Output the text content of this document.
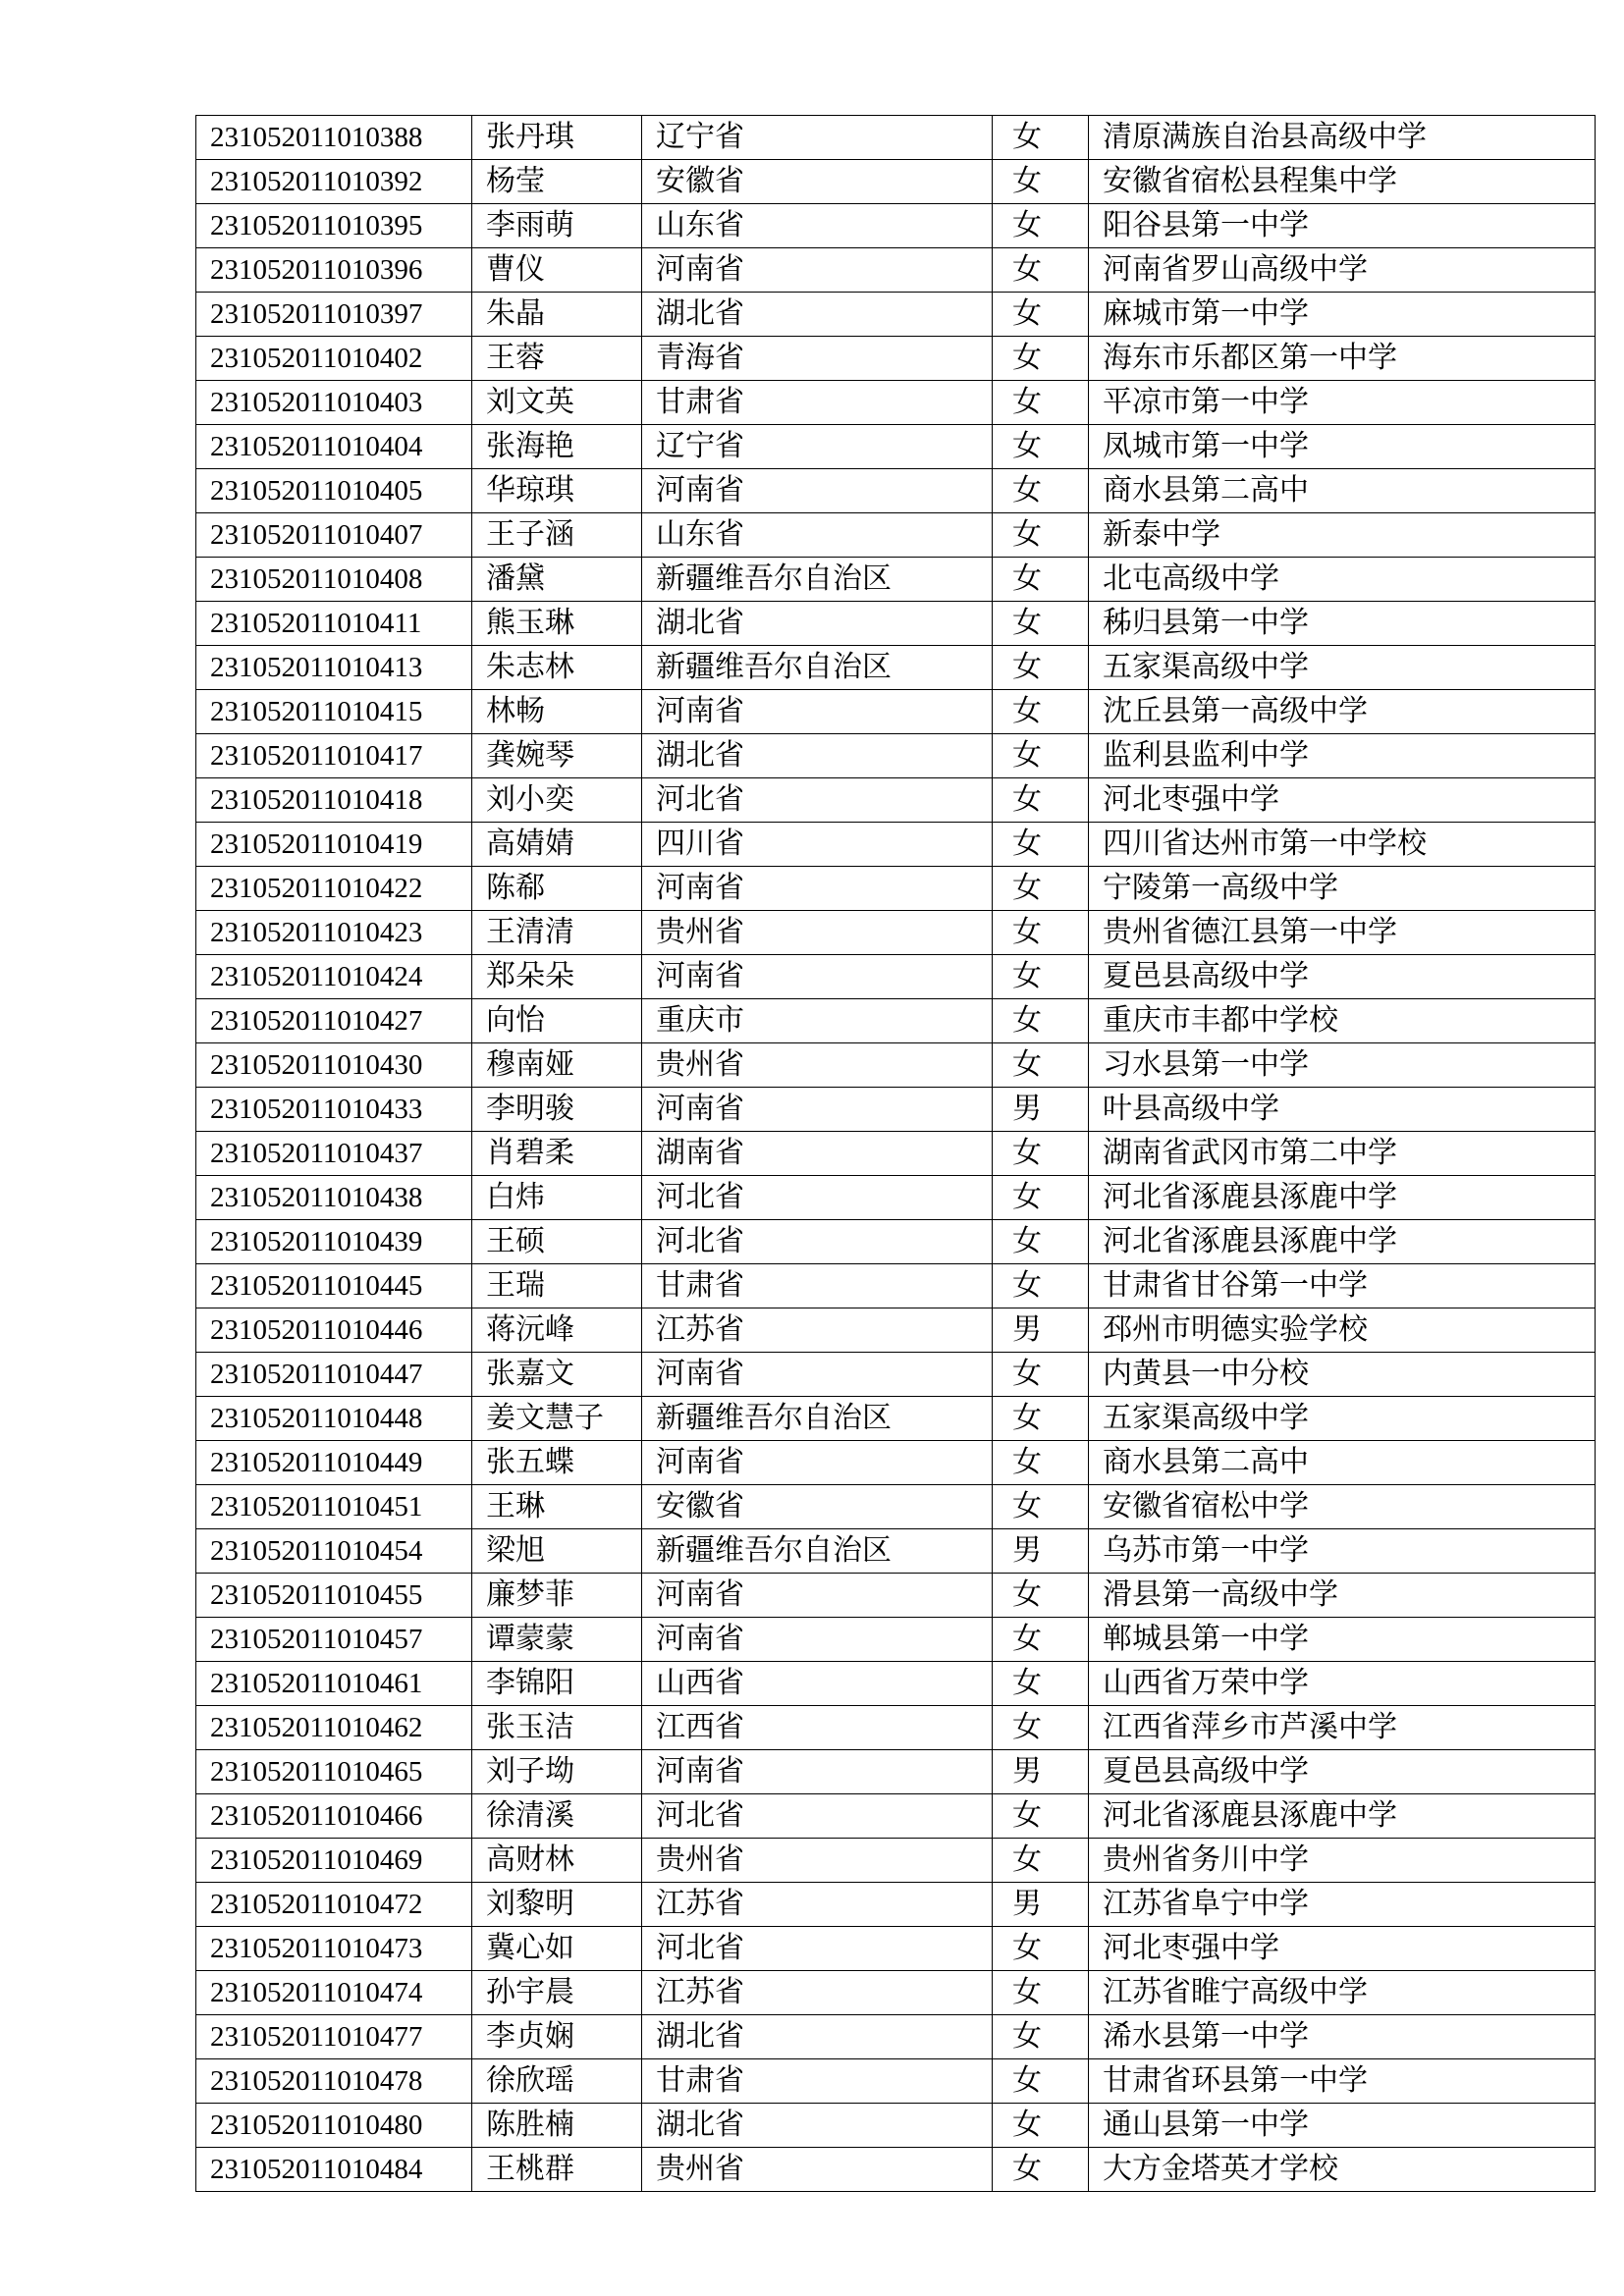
231052011010388	张丹琪	辽宁省	女	清原满族自治县高级中学
231052011010392	杨莹	安徽省	女	安徽省宿松县程集中学
231052011010395	李雨萌	山东省	女	阳谷县第一中学
231052011010396	曹仪	河南省	女	河南省罗山高级中学
231052011010397	朱晶	湖北省	女	麻城市第一中学
231052011010402	王蓉	青海省	女	海东市乐都区第一中学
231052011010403	刘文英	甘肃省	女	平凉市第一中学
231052011010404	张海艳	辽宁省	女	凤城市第一中学
231052011010405	华琼琪	河南省	女	商水县第二高中
231052011010407	王子涵	山东省	女	新泰中学
231052011010408	潘黛	新疆维吾尔自治区	女	北屯高级中学
231052011010411	熊玉琳	湖北省	女	秭归县第一中学
231052011010413	朱志林	新疆维吾尔自治区	女	五家渠高级中学
231052011010415	林畅	河南省	女	沈丘县第一高级中学
231052011010417	龚婉琴	湖北省	女	监利县监利中学
231052011010418	刘小奕	河北省	女	河北枣强中学
231052011010419	高婧婧	四川省	女	四川省达州市第一中学校
231052011010422	陈郗	河南省	女	宁陵第一高级中学
231052011010423	王清清	贵州省	女	贵州省德江县第一中学
231052011010424	郑朵朵	河南省	女	夏邑县高级中学
231052011010427	向怡	重庆市	女	重庆市丰都中学校
231052011010430	穆南娅	贵州省	女	习水县第一中学
231052011010433	李明骏	河南省	男	叶县高级中学
231052011010437	肖碧柔	湖南省	女	湖南省武冈市第二中学
231052011010438	白炜	河北省	女	河北省涿鹿县涿鹿中学
231052011010439	王硕	河北省	女	河北省涿鹿县涿鹿中学
231052011010445	王瑞	甘肃省	女	甘肃省甘谷第一中学
231052011010446	蒋沅峰	江苏省	男	邳州市明德实验学校
231052011010447	张嘉文	河南省	女	内黄县一中分校
231052011010448	姜文慧子	新疆维吾尔自治区	女	五家渠高级中学
231052011010449	张五蝶	河南省	女	商水县第二高中
231052011010451	王琳	安徽省	女	安徽省宿松中学
231052011010454	梁旭	新疆维吾尔自治区	男	乌苏市第一中学
231052011010455	廉梦菲	河南省	女	滑县第一高级中学
231052011010457	谭蒙蒙	河南省	女	郸城县第一中学
231052011010461	李锦阳	山西省	女	山西省万荣中学
231052011010462	张玉洁	江西省	女	江西省萍乡市芦溪中学
231052011010465	刘子坳	河南省	男	夏邑县高级中学
231052011010466	徐清溪	河北省	女	河北省涿鹿县涿鹿中学
231052011010469	高财林	贵州省	女	贵州省务川中学
231052011010472	刘黎明	江苏省	男	江苏省阜宁中学
231052011010473	冀心如	河北省	女	河北枣强中学
231052011010474	孙宇晨	江苏省	女	江苏省睢宁高级中学
231052011010477	李贞娴	湖北省	女	浠水县第一中学
231052011010478	徐欣瑶	甘肃省	女	甘肃省环县第一中学
231052011010480	陈胜楠	湖北省	女	通山县第一中学
231052011010484	王桃群	贵州省	女	大方金塔英才学校
